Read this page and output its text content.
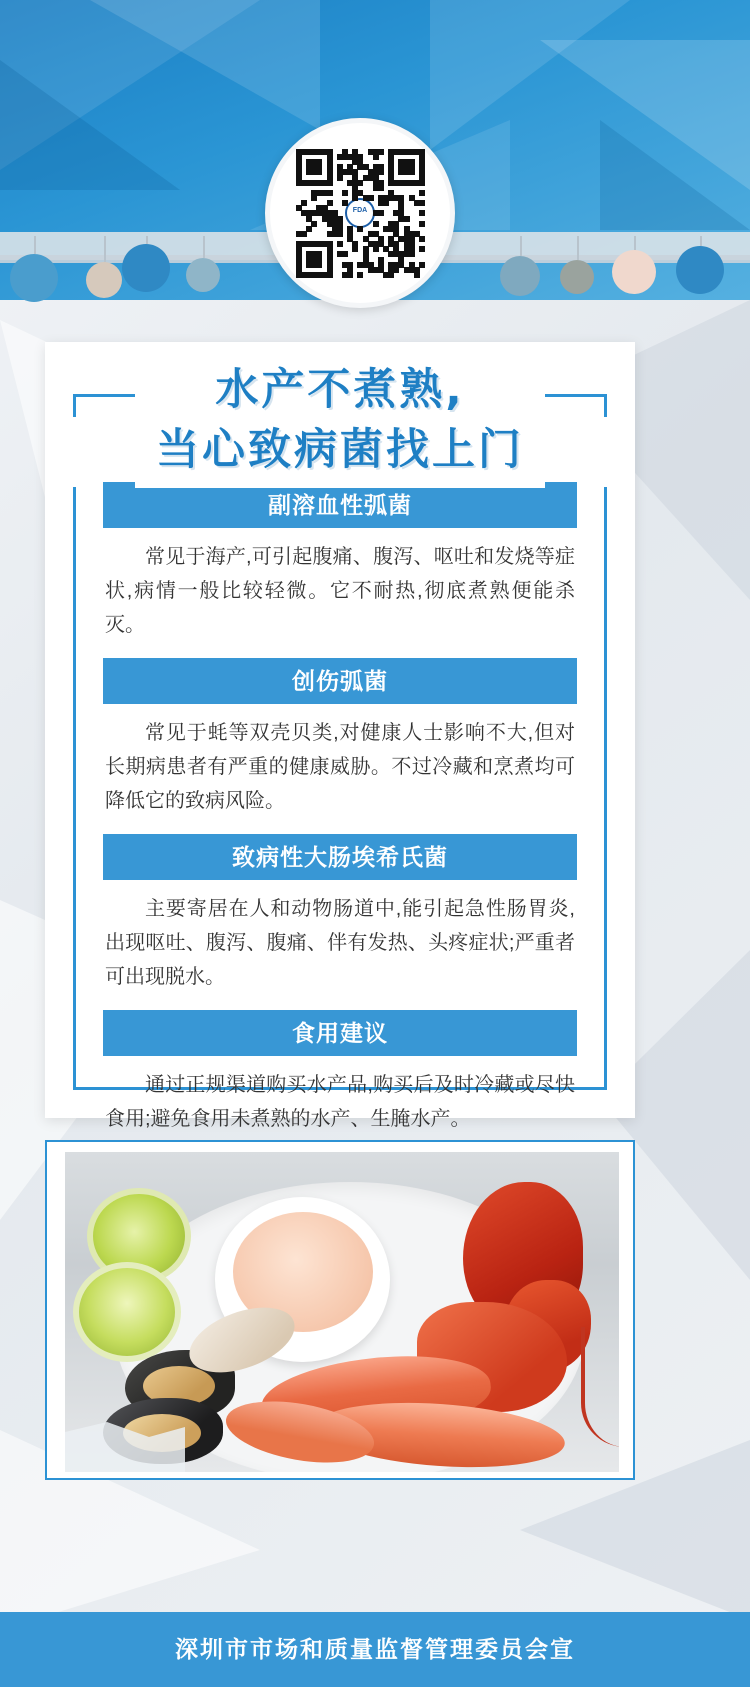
FDA
水产不煮熟,
当心致病菌找上门
副溶血性弧菌
常见于海产,可引起腹痛、腹泻、呕吐和发烧等症状,病情一般比较轻微。它不耐热,彻底煮熟便能杀灭。
创伤弧菌
常见于蚝等双壳贝类,对健康人士影响不大,但对长期病患者有严重的健康威胁。不过冷藏和烹煮均可降低它的致病风险。
致病性大肠埃希氏菌
主要寄居在人和动物肠道中,能引起急性肠胃炎,出现呕吐、腹泻、腹痛、伴有发热、头疼症状;严重者可出现脱水。
食用建议
通过正规渠道购买水产品,购买后及时冷藏或尽快食用;避免食用未煮熟的水产、生腌水产。
深圳市市场和质量监督管理委员会宣
